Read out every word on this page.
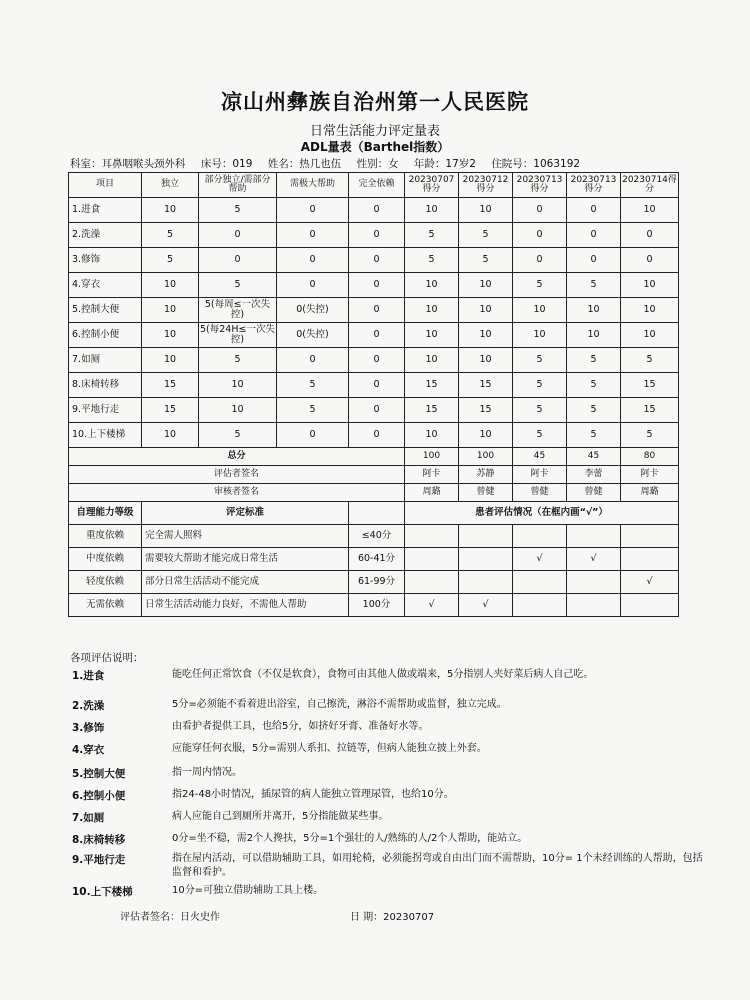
凉山州彝族自治州第一人民医院
日常生活能力评定量表
ADL量表（Barthel指数）
科室：耳鼻咽喉头颈外科 床号：019 姓名：热几也伍 性别：女 年龄：17岁2 住院号：1063192
项目	独立	部分独立/需部分帮助	需极大帮助	完全依赖	20230707得分	20230712得分	20230713得分	20230713得分	20230714得分
1.进食	10	5	0	0	10	10	0	0	10
2.洗澡	5	0	0	0	5	5	0	0	0
3.修饰	5	0	0	0	5	5	0	0	0
4.穿衣	10	5	0	0	10	10	5	5	10
5.控制大便	10	5(每周≤一次失控)	0(失控)	0	10	10	10	10	10
6.控制小便	10	5(每24H≤一次失控)	0(失控)	0	10	10	10	10	10
7.如厕	10	5	0	0	10	10	5	5	5
8.床椅转移	15	10	5	0	15	15	5	5	15
9.平地行走	15	10	5	0	15	15	5	5	15
10.上下楼梯	10	5	0	0	10	10	5	5	5
总分					100	100	45	45	80
评估者签名					阿卡	苏静	阿卡	李蕾	阿卡
审核者签名					周璐	曾健	曾健	曾健	周璐
自理能力等级	评定标准				患者评估情况（在框内画“√”）				
重度依赖	完全需人照料			≤40分					
中度依赖	需要较大帮助才能完成日常生活			60-41分			√	√	
轻度依赖	部分日常生活活动不能完成			61-99分					√
无需依赖	日常生活活动能力良好，不需他人帮助			100分	√	√			
各项评估说明：
1.进食	能吃任何正常饮食（不仅是软食），食物可由其他人做或端来，5分指别人夹好菜后病人自己吃。
2.洗澡	5分=必须能不看着进出浴室，自己擦洗，淋浴不需帮助或监督，独立完成。
3.修饰	由看护者提供工具，也给5分，如挤好牙膏、准备好水等。
4.穿衣	应能穿任何衣服，5分=需别人系扣、拉链等，但病人能独立披上外套。
5.控制大便	指一周内情况。
6.控制小便	指24-48小时情况，插尿管的病人能独立管理尿管，也给10分。
7.如厕	病人应能自己到厕所并离开，5分指能做某些事。
8.床椅转移	0分=坐不稳，需2个人搀扶，5分=1个强壮的人/熟练的人/2个人帮助，能站立。
9.平地行走	指在屋内活动，可以借助辅助工具，如用轮椅，必须能拐弯或自由出门而不需帮助，10分= 1个未经训练的人帮助，包括监督和看护。
10.上下楼梯	10分=可独立借助辅助工具上楼。
评估者签名：日火史作	日 期：20230707
